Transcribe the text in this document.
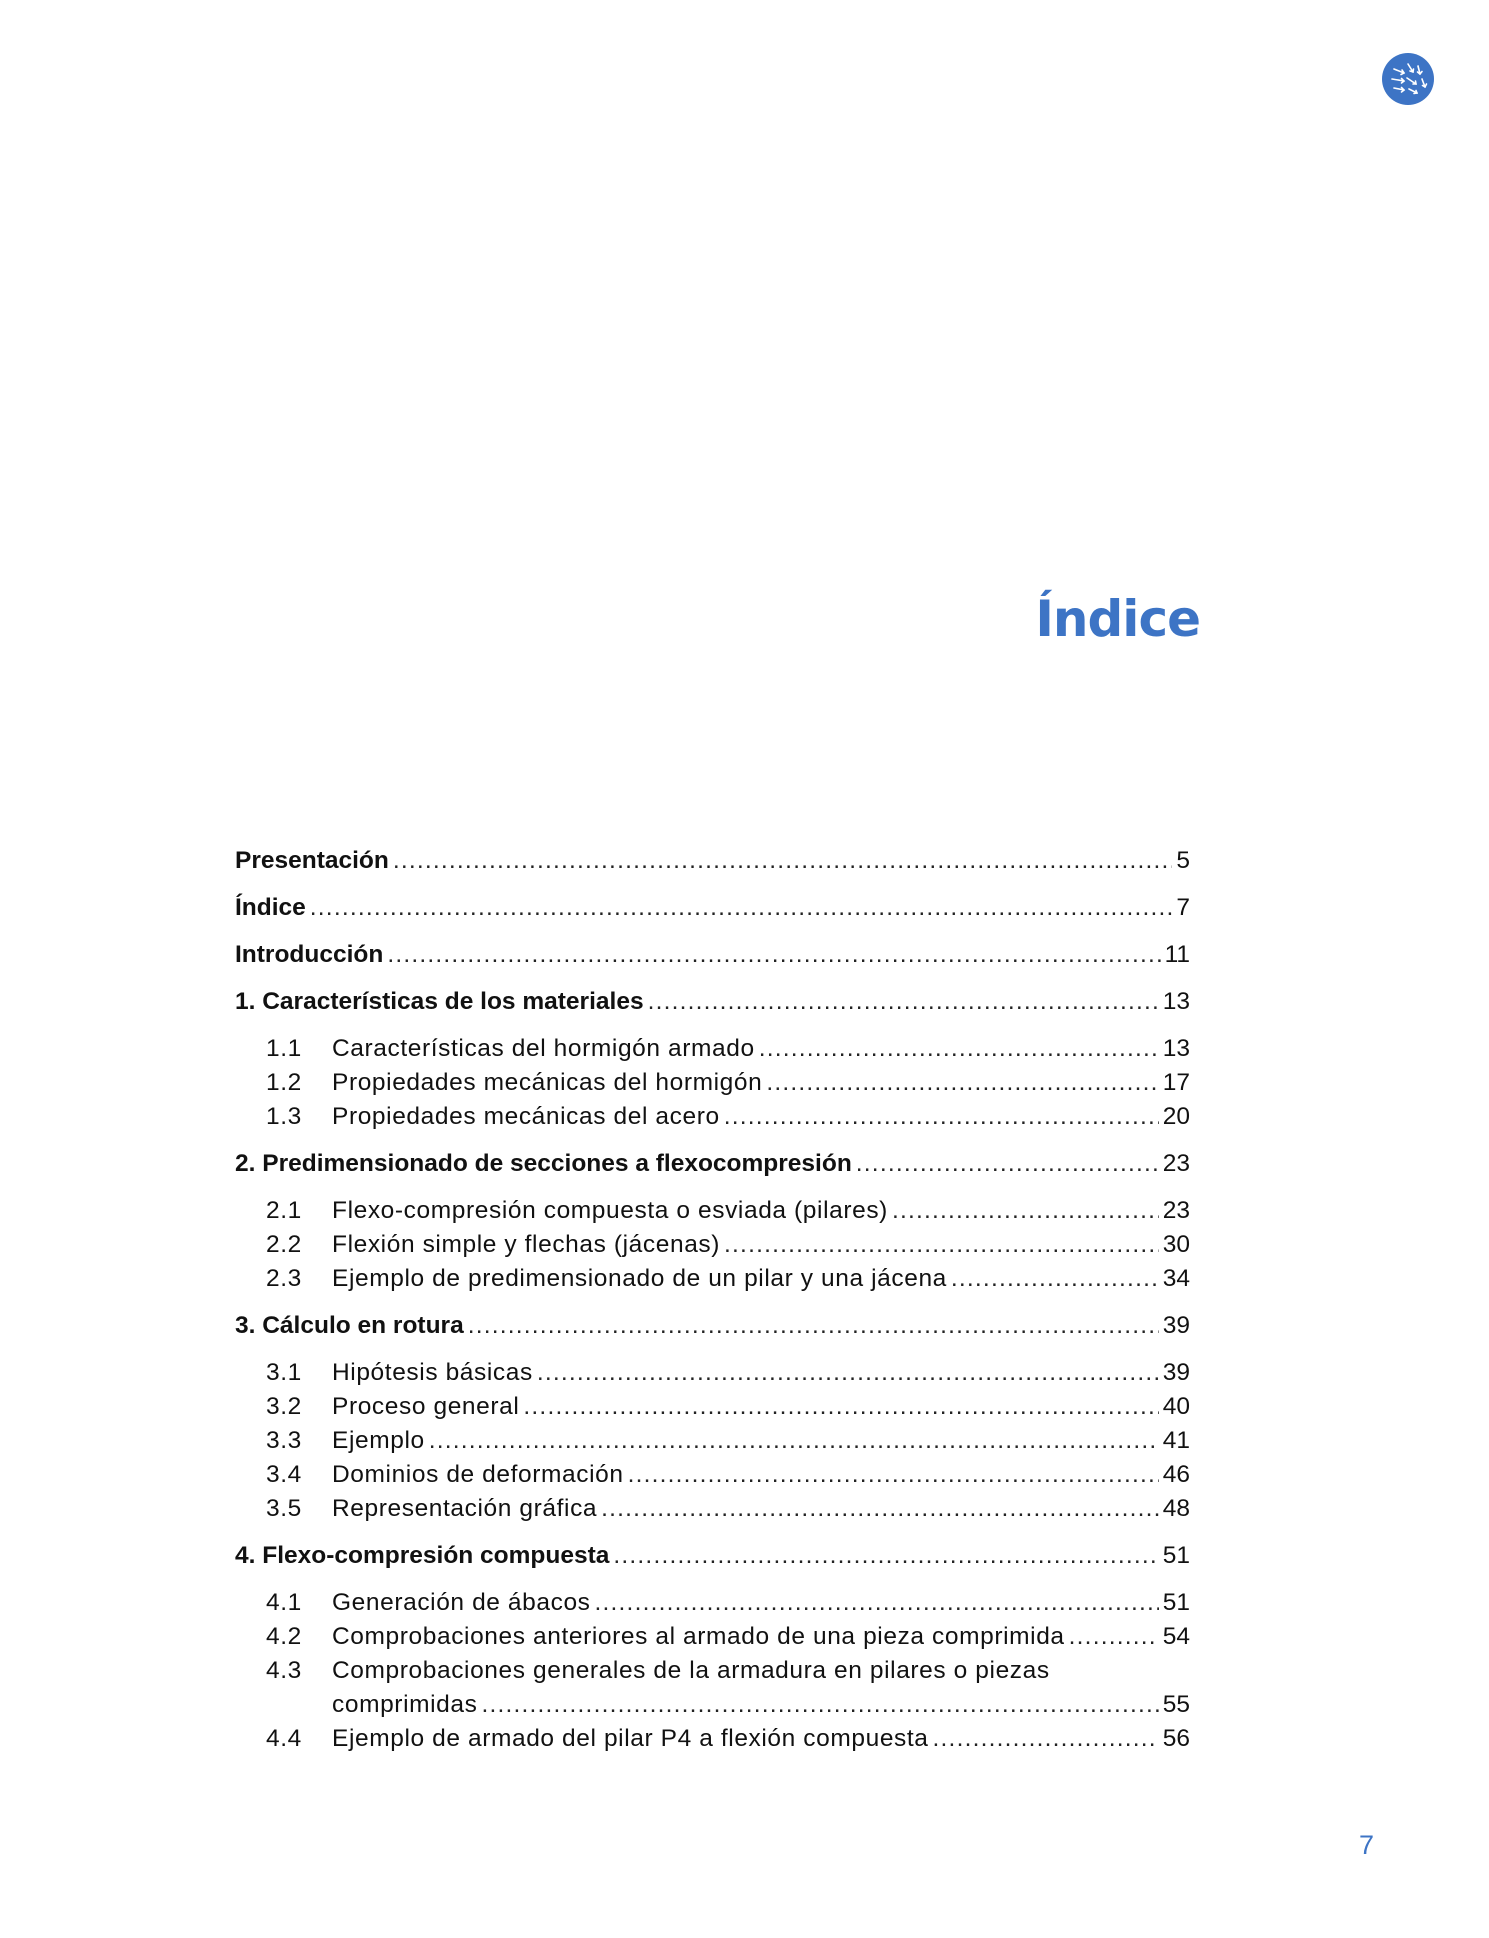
Índice
Presentación .....	5
Índice .....	7
Introducción .....	11
1. Características de los materiales .....	13
1.1	Características del hormigón armado .....	13
1.2	Propiedades mecánicas del hormigón .....	17
1.3	Propiedades mecánicas del acero .....	20
2. Predimensionado de secciones a flexocompresión .....	23
2.1	Flexo-compresión compuesta o esviada (pilares) .....	23
2.2	Flexión simple y flechas (jácenas) .....	30
2.3	Ejemplo de predimensionado de un pilar y una jácena .....	34
3. Cálculo en rotura .....	39
3.1	Hipótesis básicas .....	39
3.2	Proceso general .....	40
3.3	Ejemplo .....	41
3.4	Dominios de deformación .....	46
3.5	Representación gráfica .....	48
4. Flexo-compresión compuesta .....	51
4.1	Generación de ábacos .....	51
4.2	Comprobaciones anteriores al armado de una pieza comprimida .....	54
4.3	Comprobaciones generales de la armadura en pilares o piezas
comprimidas .....	55
4.4	Ejemplo de armado del pilar P4 a flexión compuesta .....	56
7
